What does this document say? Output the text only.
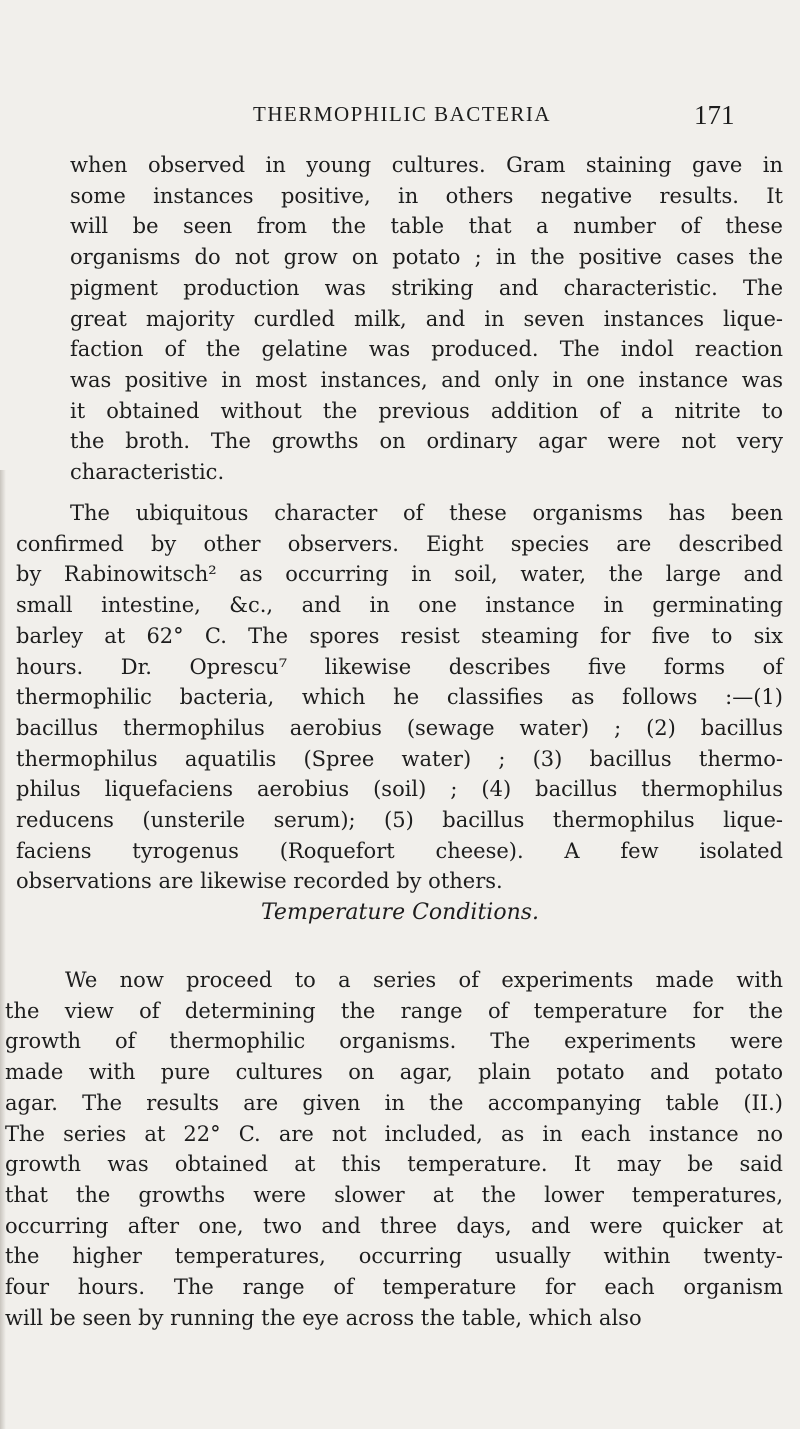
THERMOPHILIC BACTERIA	171
when observed in young cultures. Gram staining gave in
some instances positive, in others negative results. It
will be seen from the table that a number of these
organisms do not grow on potato ; in the positive cases the
pigment production was striking and characteristic. The
great majority curdled milk, and in seven instances lique-
faction of the gelatine was produced. The indol reaction
was positive in most instances, and only in one instance was
it obtained without the previous addition of a nitrite to
the broth. The growths on ordinary agar were not very
characteristic.
The ubiquitous character of these organisms has been
confirmed by other observers. Eight species are described
by Rabinowitsch² as occurring in soil, water, the large and
small intestine, &c., and in one instance in germinating
barley at 62° C. The spores resist steaming for five to six
hours. Dr. Oprescu⁷ likewise describes five forms of
thermophilic bacteria, which he classifies as follows :—(1)
bacillus thermophilus aerobius (sewage water) ; (2) bacillus
thermophilus aquatilis (Spree water) ; (3) bacillus thermo-
philus liquefaciens aerobius (soil) ; (4) bacillus thermophilus
reducens (unsterile serum); (5) bacillus thermophilus lique-
faciens tyrogenus (Roquefort cheese). A few isolated
observations are likewise recorded by others.
Temperature Conditions.
We now proceed to a series of experiments made with
the view of determining the range of temperature for the
growth of thermophilic organisms. The experiments were
made with pure cultures on agar, plain potato and potato
agar. The results are given in the accompanying table (II.)
The series at 22° C. are not included, as in each instance no
growth was obtained at this temperature. It may be said
that the growths were slower at the lower temperatures,
occurring after one, two and three days, and were quicker at
the higher temperatures, occurring usually within twenty-
four hours. The range of temperature for each organism
will be seen by running the eye across the table, which also
